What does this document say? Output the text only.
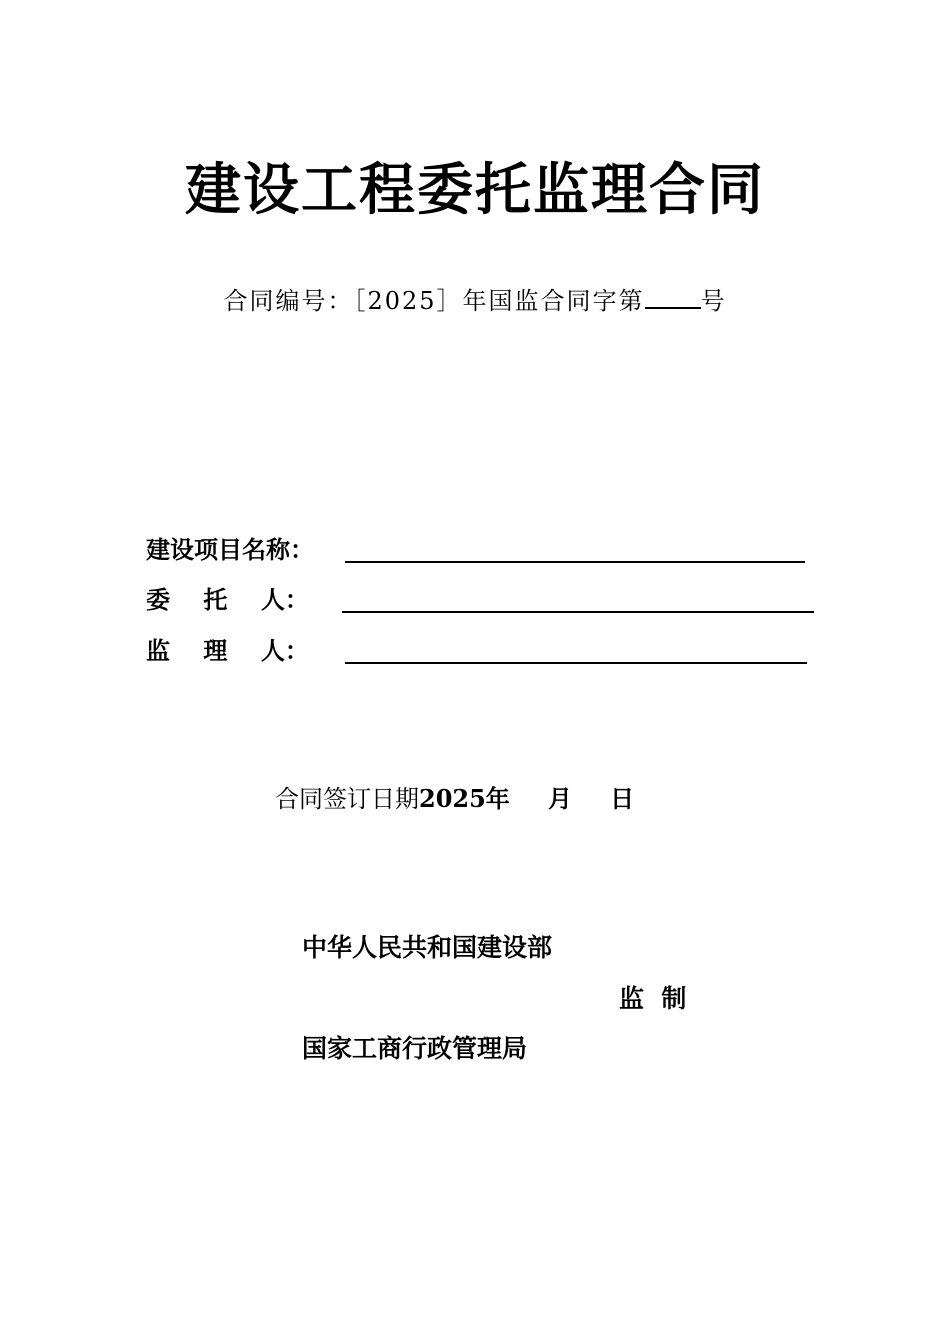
建设工程委托监理合同
合同编号：［2025］年国监合同字第 号
建设项目名称：
委    托    人：
监    理    人：
合同签订日期2025年 月 日
中华人民共和国建设部
监  制
国家工商行政管理局
